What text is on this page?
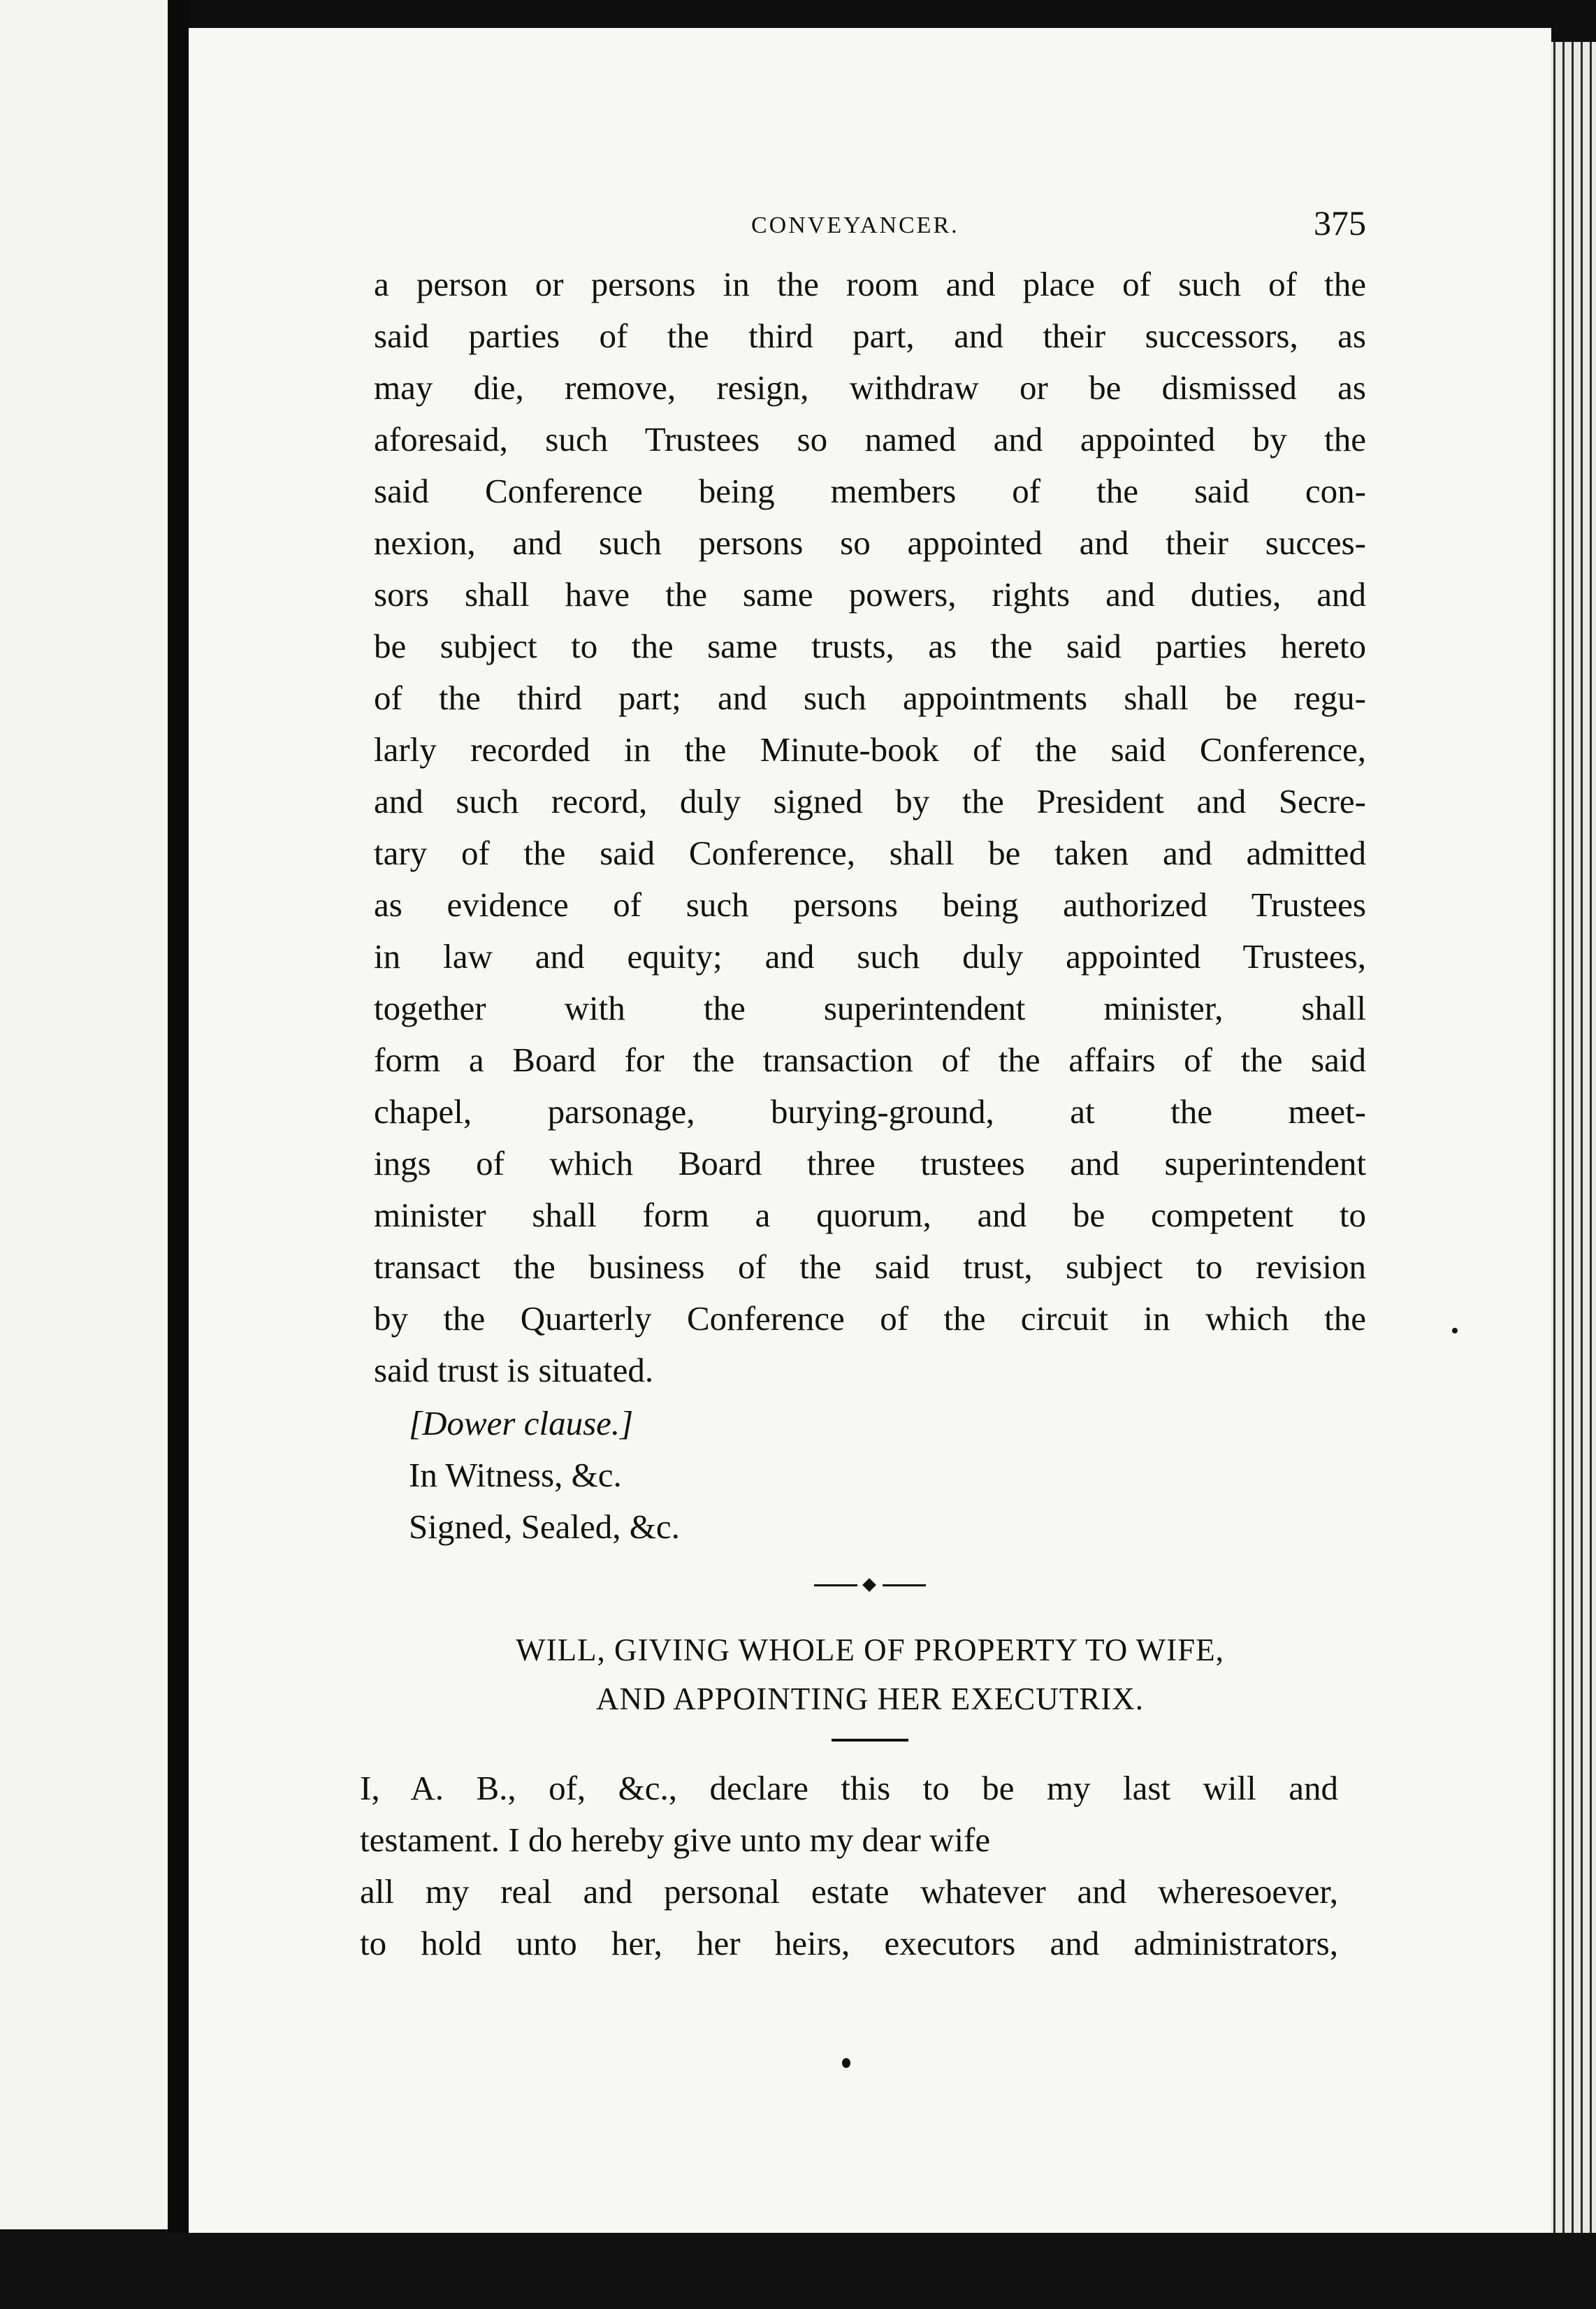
CONVEYANCER.	375
a person or persons in the room and place of such of the
said parties of the third part, and their successors, as
may die, remove, resign, withdraw or be dismissed as
aforesaid, such Trustees so named and appointed by the
said Conference being members of the said con-
nexion, and such persons so appointed and their succes-
sors shall have the same powers, rights and duties, and
be subject to the same trusts, as the said parties hereto
of the third part; and such appointments shall be regu-
larly recorded in the Minute-book of the said Conference,
and such record, duly signed by the President and Secre-
tary of the said Conference, shall be taken and admitted
as evidence of such persons being authorized Trustees
in law and equity; and such duly appointed Trustees,
together with the superintendent minister, shall
form a Board for the transaction of the affairs of the said
chapel, parsonage, burying-ground, at the meet-
ings of which Board three trustees and superintendent
minister shall form a quorum, and be competent to
transact the business of the said trust, subject to revision
by the Quarterly Conference of the circuit in which the
said trust is situated.
[Dower clause.]
In Witness, &c.
Signed, Sealed, &c.
WILL, GIVING WHOLE OF PROPERTY TO WIFE,
AND APPOINTING HER EXECUTRIX.
I, A. B., of, &c., declare this to be my last will and
testament. I do hereby give unto my dear wife
all my real and personal estate whatever and wheresoever,
to hold unto her, her heirs, executors and administrators,
